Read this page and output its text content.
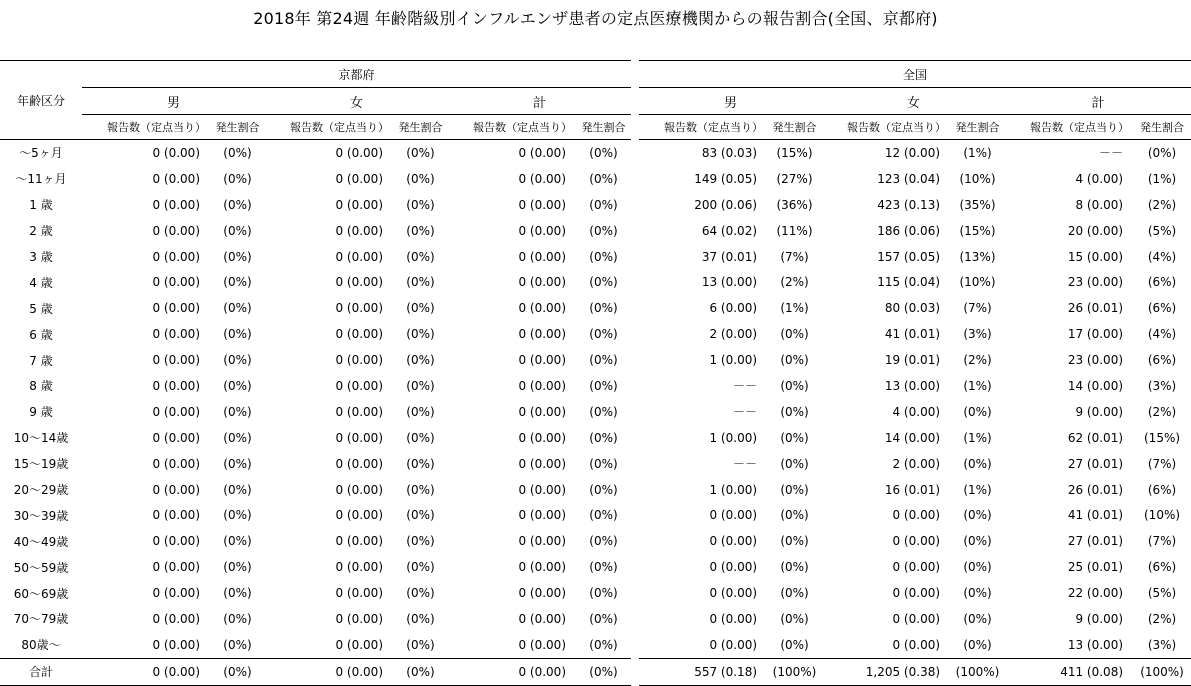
2018年 第24週 年齢階級別インフルエンザ患者の定点医療機関からの報告割合(全国、京都府)
年齢区分	京都府							全国					
	男		女		計			男		女		計	
	報告数（定点当り）	発生割合	報告数（定点当り）	発生割合	報告数（定点当り）	発生割合		報告数（定点当り）	発生割合	報告数（定点当り）	発生割合	報告数（定点当り）	発生割合
～5ヶ月	0 (0.00)	(0%)	0 (0.00)	(0%)	0 (0.00)	(0%)		83 (0.03)	(15%)	12 (0.00)	(1%)	－－	(0%)
～11ヶ月	0 (0.00)	(0%)	0 (0.00)	(0%)	0 (0.00)	(0%)		149 (0.05)	(27%)	123 (0.04)	(10%)	4 (0.00)	(1%)
1 歳	0 (0.00)	(0%)	0 (0.00)	(0%)	0 (0.00)	(0%)		200 (0.06)	(36%)	423 (0.13)	(35%)	8 (0.00)	(2%)
2 歳	0 (0.00)	(0%)	0 (0.00)	(0%)	0 (0.00)	(0%)		64 (0.02)	(11%)	186 (0.06)	(15%)	20 (0.00)	(5%)
3 歳	0 (0.00)	(0%)	0 (0.00)	(0%)	0 (0.00)	(0%)		37 (0.01)	(7%)	157 (0.05)	(13%)	15 (0.00)	(4%)
4 歳	0 (0.00)	(0%)	0 (0.00)	(0%)	0 (0.00)	(0%)		13 (0.00)	(2%)	115 (0.04)	(10%)	23 (0.00)	(6%)
5 歳	0 (0.00)	(0%)	0 (0.00)	(0%)	0 (0.00)	(0%)		6 (0.00)	(1%)	80 (0.03)	(7%)	26 (0.01)	(6%)
6 歳	0 (0.00)	(0%)	0 (0.00)	(0%)	0 (0.00)	(0%)		2 (0.00)	(0%)	41 (0.01)	(3%)	17 (0.00)	(4%)
7 歳	0 (0.00)	(0%)	0 (0.00)	(0%)	0 (0.00)	(0%)		1 (0.00)	(0%)	19 (0.01)	(2%)	23 (0.00)	(6%)
8 歳	0 (0.00)	(0%)	0 (0.00)	(0%)	0 (0.00)	(0%)		－－	(0%)	13 (0.00)	(1%)	14 (0.00)	(3%)
9 歳	0 (0.00)	(0%)	0 (0.00)	(0%)	0 (0.00)	(0%)		－－	(0%)	4 (0.00)	(0%)	9 (0.00)	(2%)
10～14歳	0 (0.00)	(0%)	0 (0.00)	(0%)	0 (0.00)	(0%)		1 (0.00)	(0%)	14 (0.00)	(1%)	62 (0.01)	(15%)
15～19歳	0 (0.00)	(0%)	0 (0.00)	(0%)	0 (0.00)	(0%)		－－	(0%)	2 (0.00)	(0%)	27 (0.01)	(7%)
20～29歳	0 (0.00)	(0%)	0 (0.00)	(0%)	0 (0.00)	(0%)		1 (0.00)	(0%)	16 (0.01)	(1%)	26 (0.01)	(6%)
30～39歳	0 (0.00)	(0%)	0 (0.00)	(0%)	0 (0.00)	(0%)		0 (0.00)	(0%)	0 (0.00)	(0%)	41 (0.01)	(10%)
40～49歳	0 (0.00)	(0%)	0 (0.00)	(0%)	0 (0.00)	(0%)		0 (0.00)	(0%)	0 (0.00)	(0%)	27 (0.01)	(7%)
50～59歳	0 (0.00)	(0%)	0 (0.00)	(0%)	0 (0.00)	(0%)		0 (0.00)	(0%)	0 (0.00)	(0%)	25 (0.01)	(6%)
60～69歳	0 (0.00)	(0%)	0 (0.00)	(0%)	0 (0.00)	(0%)		0 (0.00)	(0%)	0 (0.00)	(0%)	22 (0.00)	(5%)
70～79歳	0 (0.00)	(0%)	0 (0.00)	(0%)	0 (0.00)	(0%)		0 (0.00)	(0%)	0 (0.00)	(0%)	9 (0.00)	(2%)
80歳～	0 (0.00)	(0%)	0 (0.00)	(0%)	0 (0.00)	(0%)		0 (0.00)	(0%)	0 (0.00)	(0%)	13 (0.00)	(3%)
合計	0 (0.00)	(0%)	0 (0.00)	(0%)	0 (0.00)	(0%)		557 (0.18)	(100%)	1,205 (0.38)	(100%)	411 (0.08)	(100%)
